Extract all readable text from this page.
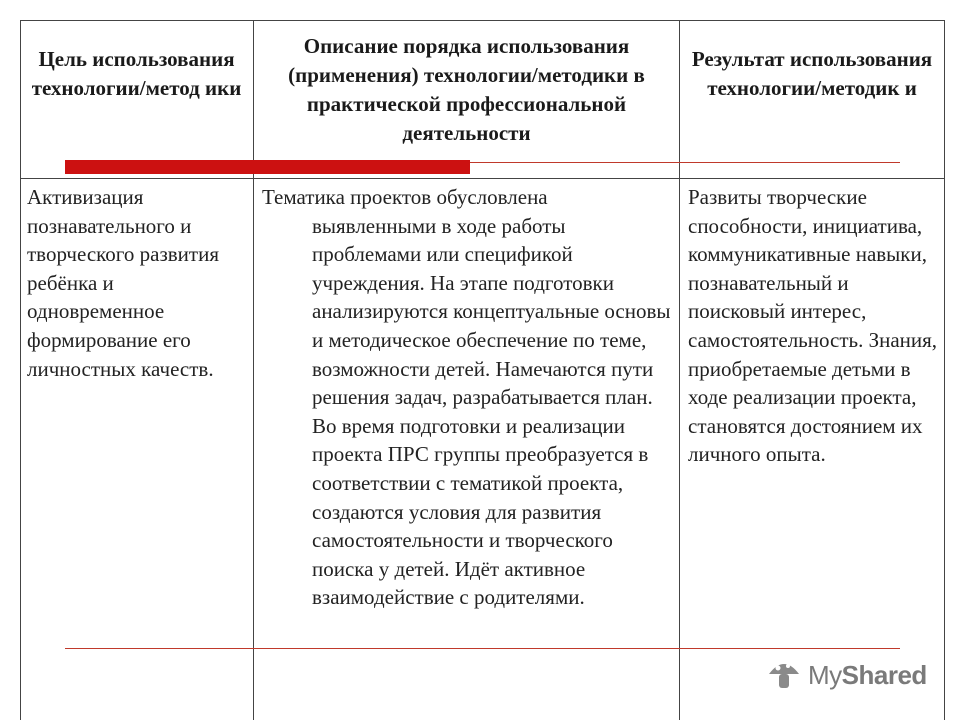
Цель использования технологии/метод ики
Описание порядка использования (применения) технологии/методики в практической профессиональной деятельности
Результат использования технологии/методик и
Активизация познавательного и творческого развития ребёнка и одновременное формирование его личностных качеств.
Тематика проектов обусловлена выявленными в ходе работы проблемами или спецификой учреждения. На этапе подготовки анализируются концептуальные основы и методическое обеспечение по теме, возможности детей. Намечаются пути решения задач, разрабатывается план. Во время подготовки и реализации проекта ПРС группы преобразуется в соответствии с тематикой проекта, создаются условия для развития самостоятельности и творческого поиска у детей. Идёт активное взаимодействие с родителями.
Развиты творческие способности, инициатива, коммуникативные навыки, познавательный и поисковый интерес, самостоятельность. Знания, приобретаемые детьми в ходе реализации проекта, становятся достоянием их личного опыта.
MyShared
